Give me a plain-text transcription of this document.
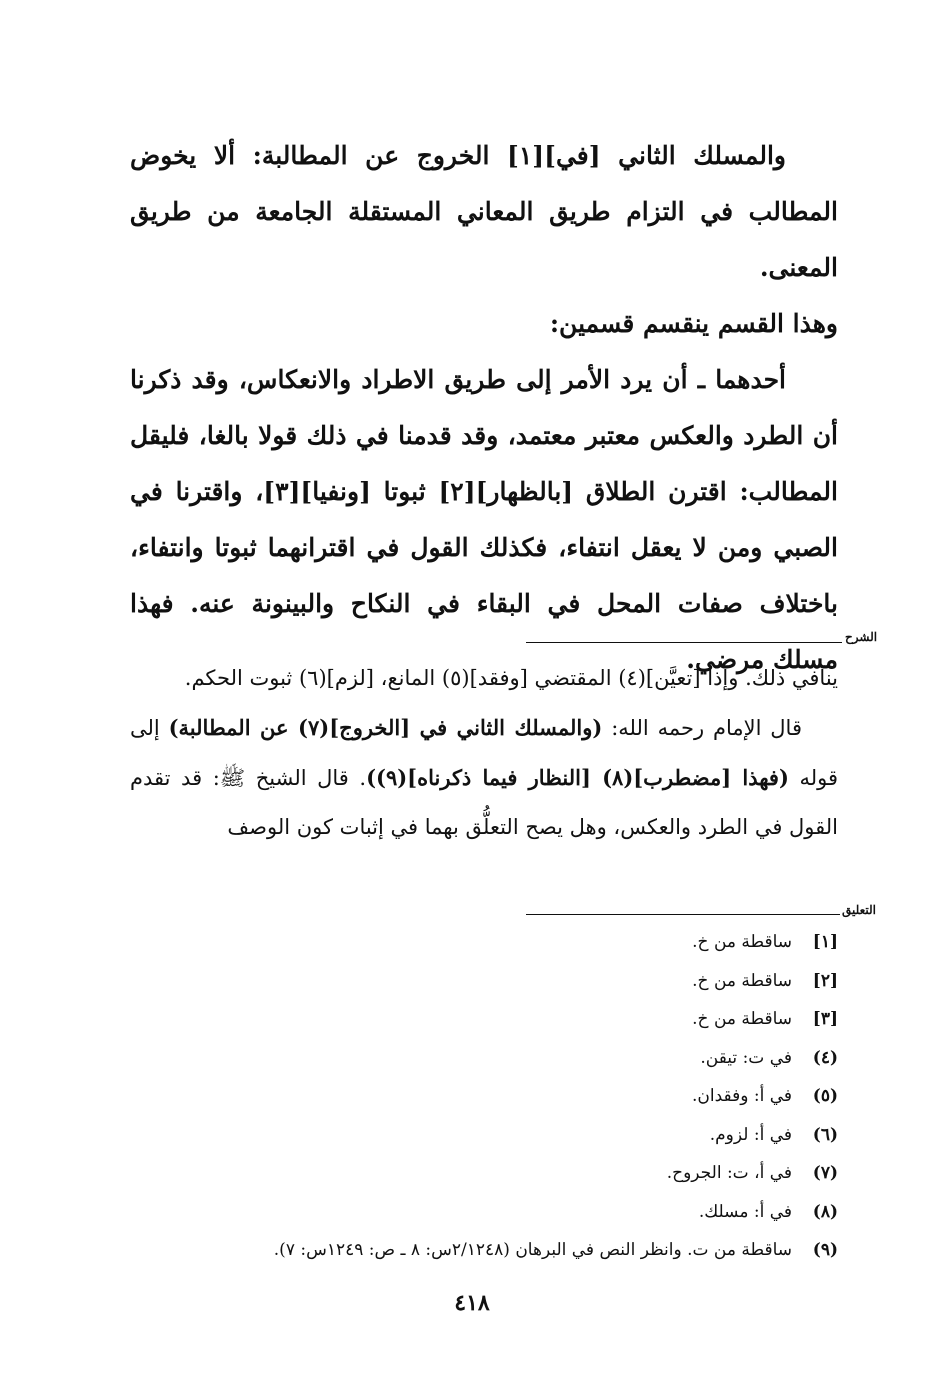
والمسلك الثاني [في][١] الخروج عن المطالبة: ألا يخوض المطالب في التزام طريق المعاني المستقلة الجامعة من طريق المعنى.

وهذا القسم ينقسم قسمين:

أحدهما ـ أن يرد الأمر إلى طريق الاطراد والانعكاس، وقد ذكرنا أن الطرد والعكس معتبر معتمد، وقد قدمنا في ذلك قولا بالغا، فليقل المطالب: اقترن الطلاق [بالظهار][٢] ثبوتا [ونفيا][٣]، واقترنا في الصبي ومن لا يعقل انتفاء، فكذلك القول في اقترانهما ثبوتا وانتفاء، باختلاف صفات المحل في البقاء في النكاح والبينونة عنه. فهذا مسلك مرضي.

الشرح

ينافي ذلك. وإذا [تعيَّن](٤) المقتضي [وفقد](٥) المانع، [لزم](٦) ثبوت الحكم.

قال الإمام رحمه الله: (والمسلك الثاني في [الخروج](٧) عن المطالبة) إلى قوله (فهذا [مضطرب](٨) [النظار فيما ذكرناه](٩)). قال الشيخ ﷺ: قد تقدم القول في الطرد والعكس، وهل يصح التعلُّق بهما في إثبات كون الوصف

التعليق
[١]ساقطة من خ.
[٢]ساقطة من خ.
[٣]ساقطة من خ.
(٤)في ت: تيقن.
(٥)في أ: وفقدان.
(٦)في أ: لزوم.
(٧)في أ، ت: الجروح.
(٨)في أ: مسلك.
(٩)ساقطة من ت. وانظر النص في البرهان (٢/١٢٤٨س: ٨ ـ ص: ١٢٤٩س: ٧).
٤١٨
